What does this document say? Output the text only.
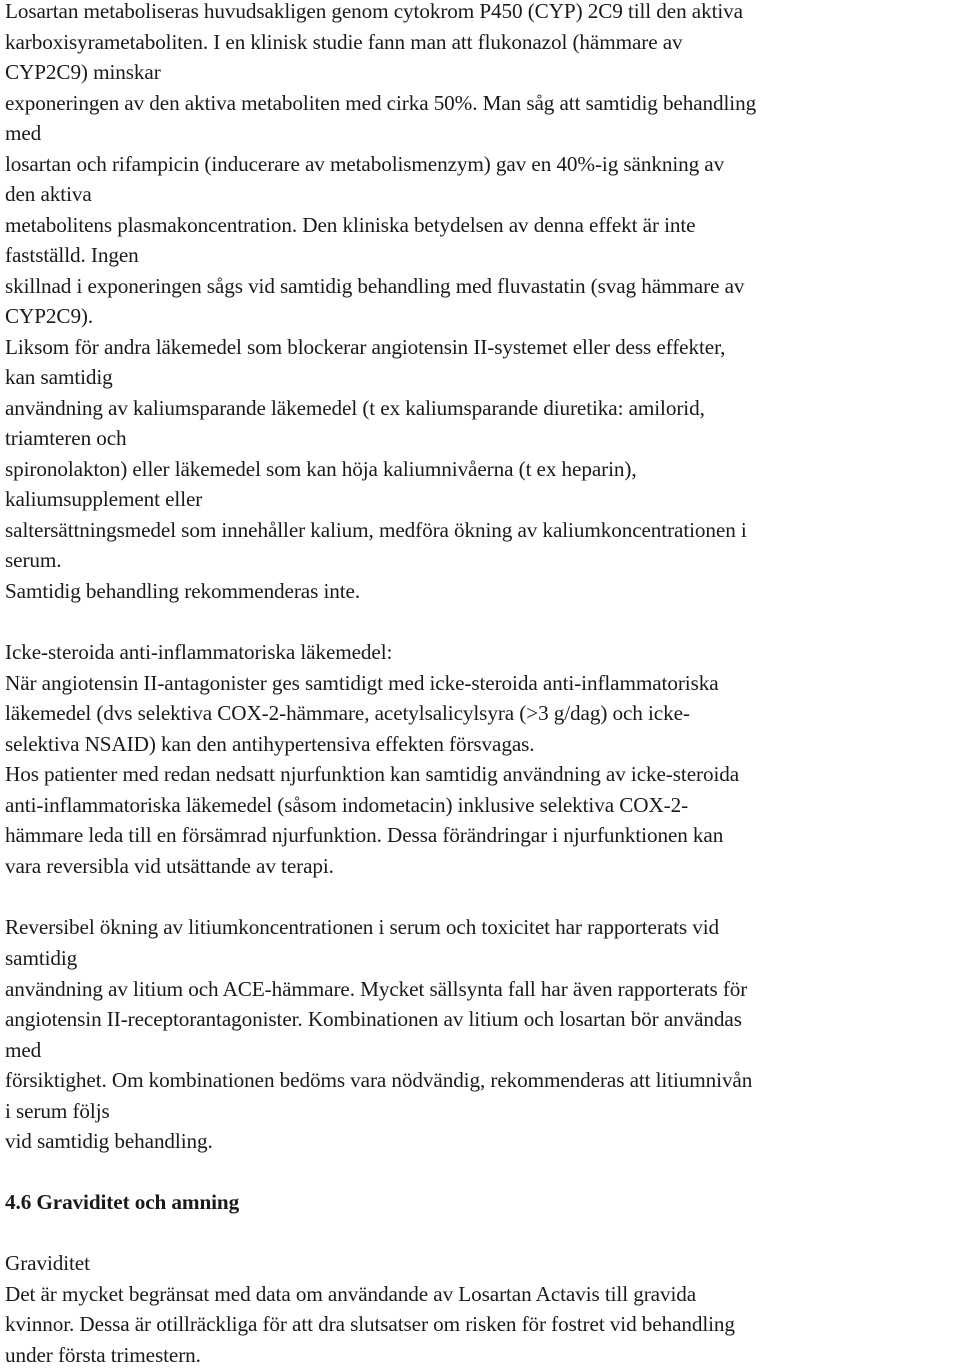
Losartan metaboliseras huvudsakligen genom cytokrom P450 (CYP) 2C9 till den aktiva
karboxisyrametaboliten. I en klinisk studie fann man att flukonazol (hämmare av
CYP2C9) minskar
exponeringen av den aktiva metaboliten med cirka 50%. Man såg att samtidig behandling
med
losartan och rifampicin (inducerare av metabolismenzym) gav en 40%-ig sänkning av
den aktiva
metabolitens plasmakoncentration. Den kliniska betydelsen av denna effekt är inte
fastställd. Ingen
skillnad i exponeringen sågs vid samtidig behandling med fluvastatin (svag hämmare av
CYP2C9).
Liksom för andra läkemedel som blockerar angiotensin II-systemet eller dess effekter,
kan samtidig
användning av kaliumsparande läkemedel (t ex kaliumsparande diuretika: amilorid,
triamteren och
spironolakton) eller läkemedel som kan höja kaliumnivåerna (t ex heparin),
kaliumsupplement eller
saltersättningsmedel som innehåller kalium, medföra ökning av kaliumkoncentrationen i
serum.
Samtidig behandling rekommenderas inte.
Icke-steroida anti-inflammatoriska läkemedel:
När angiotensin II-antagonister ges samtidigt med icke-steroida anti-inflammatoriska
läkemedel (dvs selektiva COX-2-hämmare, acetylsalicylsyra (>3 g/dag) och icke-
selektiva NSAID) kan den antihypertensiva effekten försvagas.
Hos patienter med redan nedsatt njurfunktion kan samtidig användning av icke-steroida
anti-inflammatoriska läkemedel (såsom indometacin) inklusive selektiva COX-2-
hämmare leda till en försämrad njurfunktion. Dessa förändringar i njurfunktionen kan
vara reversibla vid utsättande av terapi.
Reversibel ökning av litiumkoncentrationen i serum och toxicitet har rapporterats vid
samtidig
användning av litium och ACE-hämmare. Mycket sällsynta fall har även rapporterats för
angiotensin II-receptorantagonister. Kombinationen av litium och losartan bör användas
med
försiktighet. Om kombinationen bedöms vara nödvändig, rekommenderas att litiumnivån
i serum följs
vid samtidig behandling.
4.6 Graviditet och amning
Graviditet
Det är mycket begränsat med data om användande av Losartan Actavis till gravida
kvinnor. Dessa är otillräckliga för att dra slutsatser om risken för fostret vid behandling
under första trimestern.
